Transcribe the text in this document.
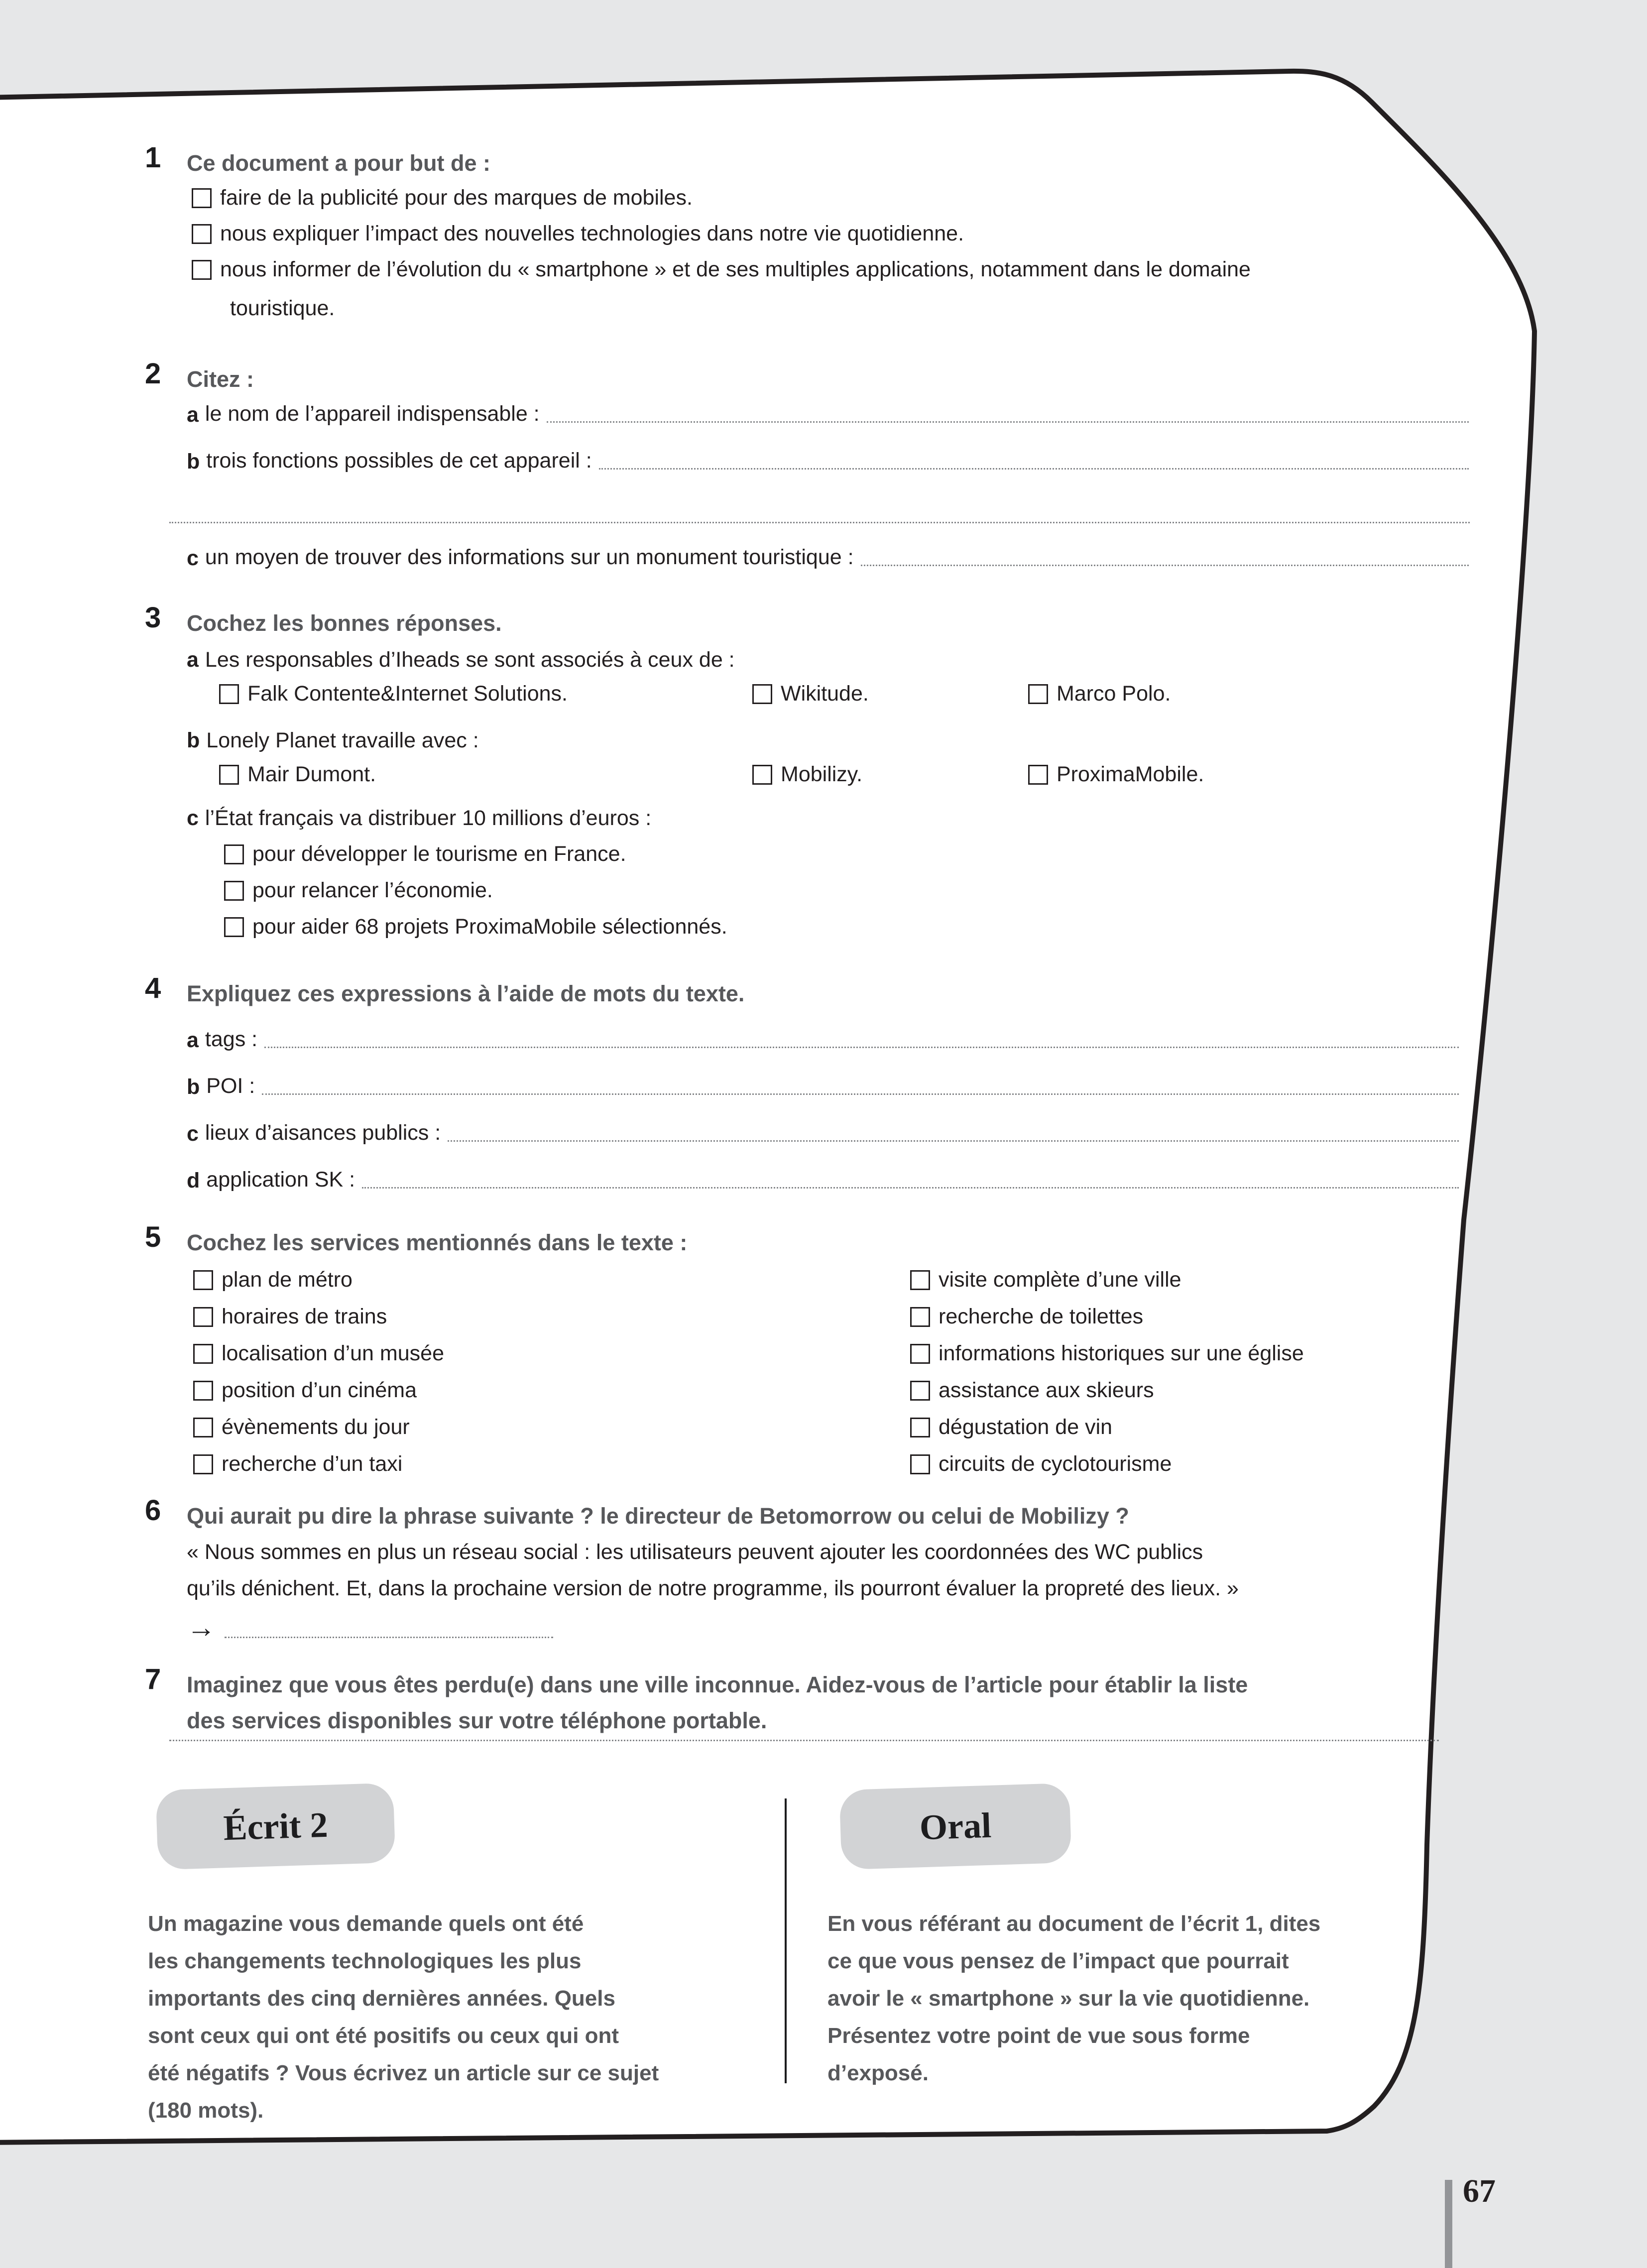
1 Ce document a pour but de :
faire de la publicité pour des marques de mobiles.
nous expliquer l’impact des nouvelles technologies dans notre vie quotidienne.
nous informer de l’évolution du « smartphone » et de ses multiples applications, notamment dans le domaine
touristique.
2 Citez :
a le nom de l’appareil indispensable :
b trois fonctions possibles de cet appareil :
c un moyen de trouver des informations sur un monument touristique :
3 Cochez les bonnes réponses.
a Les responsables d’Iheads se sont associés à ceux de :
Falk Contente&Internet Solutions.	Wikitude.	Marco Polo.
b Lonely Planet travaille avec :
Mair Dumont.	Mobilizy.	ProximaMobile.
c l’État français va distribuer 10 millions d’euros :
pour développer le tourisme en France.
pour relancer l’économie.
pour aider 68 projets ProximaMobile sélectionnés.
4 Expliquez ces expressions à l’aide de mots du texte.
a tags :
b POI :
c lieux d’aisances publics :
d application SK :
5 Cochez les services mentionnés dans le texte :
plan de métro
horaires de trains
localisation d’un musée
position d’un cinéma
évènements du jour
recherche d’un taxi
visite complète d’une ville
recherche de toilettes
informations historiques sur une église
assistance aux skieurs
dégustation de vin
circuits de cyclotourisme
6 Qui aurait pu dire la phrase suivante ? le directeur de Betomorrow ou celui de Mobilizy ?
« Nous sommes en plus un réseau social : les utilisateurs peuvent ajouter les coordonnées des WC publics
qu’ils dénichent. Et, dans la prochaine version de notre programme, ils pourront évaluer la propreté des lieux. »
→
7 Imaginez que vous êtes perdu(e) dans une ville inconnue. Aidez-vous de l’article pour établir la liste
des services disponibles sur votre téléphone portable.
Écrit 2	Oral
Un magazine vous demande quels ont été
les changements technologiques les plus
importants des cinq dernières années. Quels
sont ceux qui ont été positifs ou ceux qui ont
été négatifs ? Vous écrivez un article sur ce sujet
(180 mots).
En vous référant au document de l’écrit 1, dites
ce que vous pensez de l’impact que pourrait
avoir le « smartphone » sur la vie quotidienne.
Présentez votre point de vue sous forme
d’exposé.
67
